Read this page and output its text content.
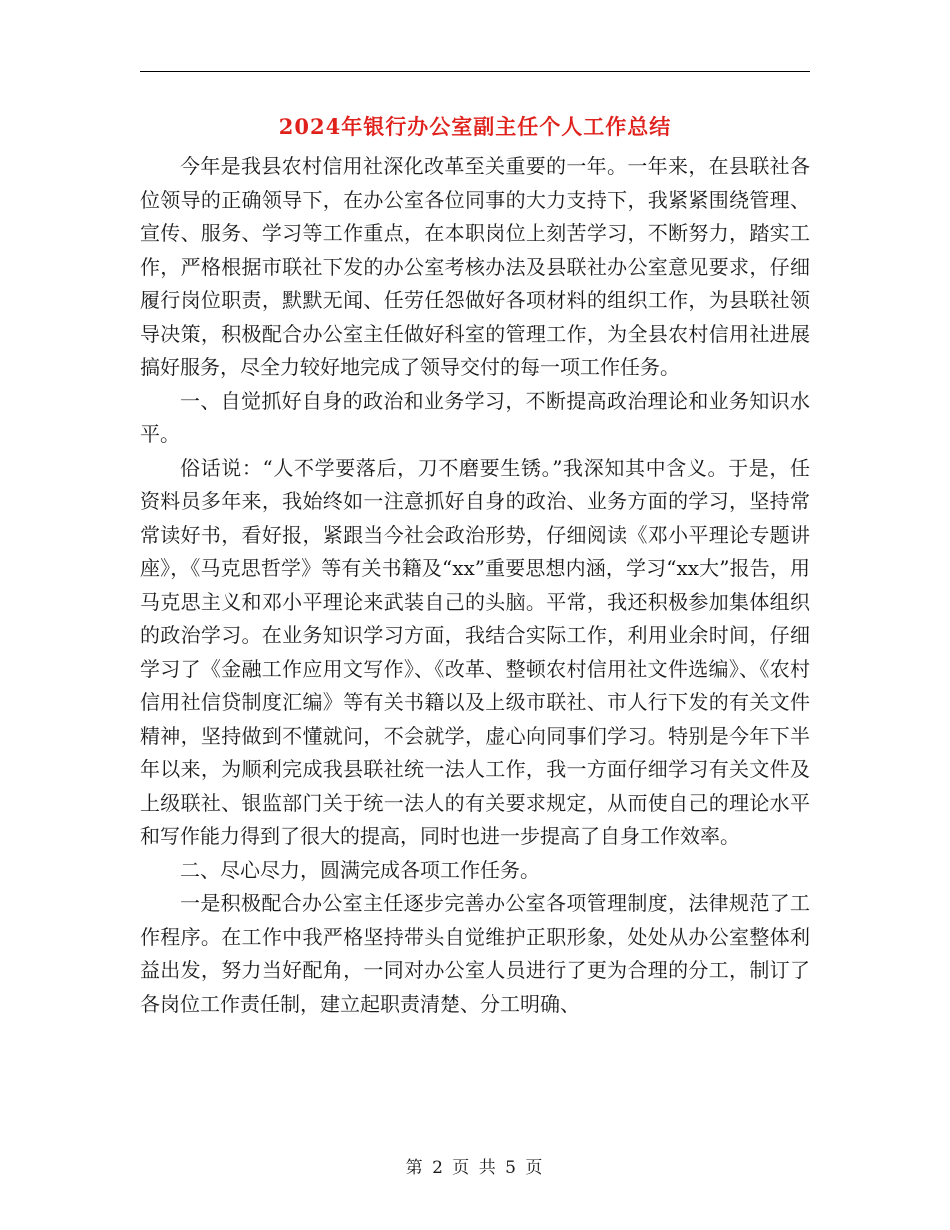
2024年银行办公室副主任个人工作总结

今年是我县农村信用社深化改革至关重要的一年。一年来，在县联社各位领导的正确领导下，在办公室各位同事的大力支持下，我紧紧围绕管理、宣传、服务、学习等工作重点，在本职岗位上刻苦学习，不断努力，踏实工作，严格根据市联社下发的办公室考核办法及县联社办公室意见要求，仔细履行岗位职责，默默无闻、任劳任怨做好各项材料的组织工作，为县联社领导决策，积极配合办公室主任做好科室的管理工作，为全县农村信用社进展搞好服务，尽全力较好地完成了领导交付的每一项工作任务。

一、自觉抓好自身的政治和业务学习，不断提高政治理论和业务知识水平。

俗话说：“人不学要落后，刀不磨要生锈。”我深知其中含义。于是，任资料员多年来，我始终如一注意抓好自身的政治、业务方面的学习，坚持常常读好书，看好报，紧跟当今社会政治形势，仔细阅读《邓小平理论专题讲座》，《马克思哲学》等有关书籍及“xx”重要思想内涵，学习“xx大”报告，用马克思主义和邓小平理论来武装自己的头脑。平常，我还积极参加集体组织的政治学习。在业务知识学习方面，我结合实际工作，利用业余时间，仔细学习了《金融工作应用文写作》、《改革、整顿农村信用社文件选编》、《农村信用社信贷制度汇编》等有关书籍以及上级市联社、市人行下发的有关文件精神，坚持做到不懂就问，不会就学，虚心向同事们学习。特别是今年下半年以来，为顺利完成我县联社统一法人工作，我一方面仔细学习有关文件及上级联社、银监部门关于统一法人的有关要求规定，从而使自己的理论水平和写作能力得到了很大的提高，同时也进一步提高了自身工作效率。

二、尽心尽力，圆满完成各项工作任务。

一是积极配合办公室主任逐步完善办公室各项管理制度，法律规范了工作程序。在工作中我严格坚持带头自觉维护正职形象，处处从办公室整体利益出发，努力当好配角，一同对办公室人员进行了更为合理的分工，制订了各岗位工作责任制，建立起职责清楚、分工明确、

第 2 页 共 5 页
